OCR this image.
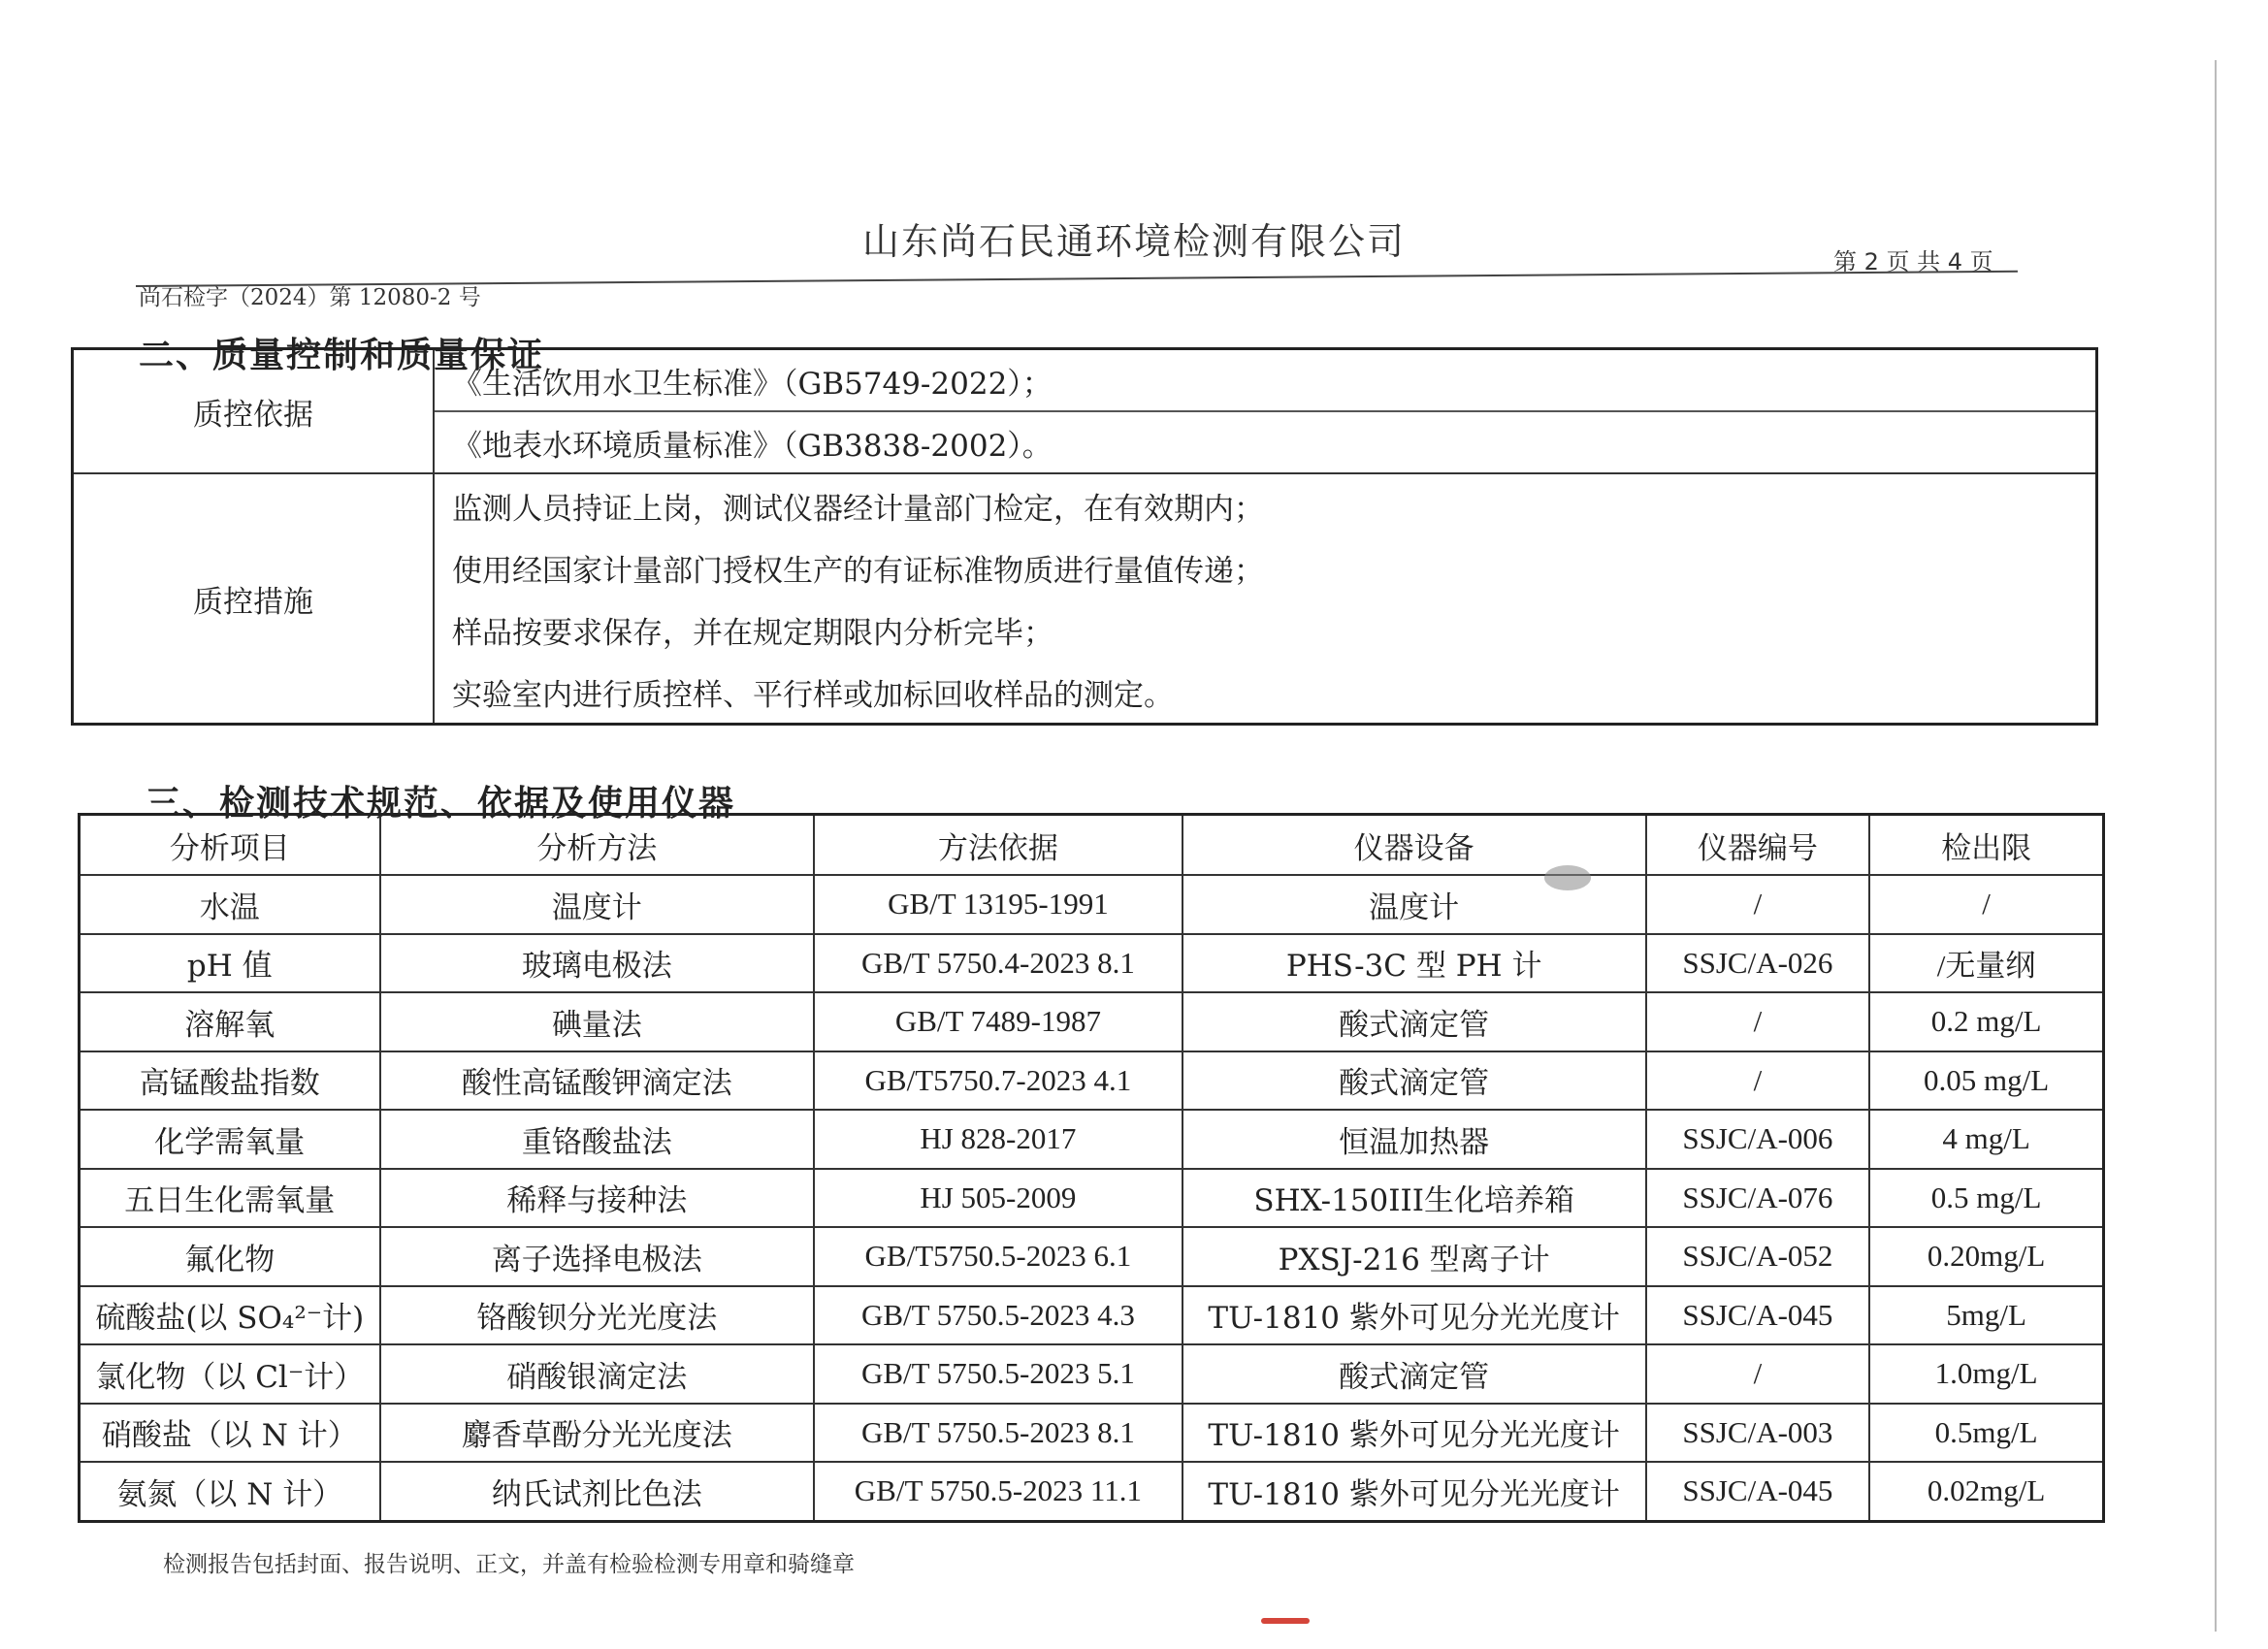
山东尚石民通环境检测有限公司	第 2 页 共 4 页
尚石检字（2024）第 12080-2 号
二、质量控制和质量保证
质控依据	《生活饮用水卫生标准》（GB5749-2022）；
《地表水环境质量标准》（GB3838-2002）。

质控措施	监测人员持证上岗，测试仪器经计量部门检定，在有效期内；
使用经国家计量部门授权生产的有证标准物质进行量值传递；
样品按要求保存，并在规定期限内分析完毕；
实验室内进行质控样、平行样或加标回收样品的测定。
三、检测技术规范、依据及使用仪器
分析项目	分析方法	方法依据	仪器设备	仪器编号	检出限
水温	温度计	GB/T 13195-1991	温度计	/	/
pH 值	玻璃电极法	GB/T 5750.4-2023 8.1	PHS-3C 型 PH 计	SSJC/A-026	/无量纲
溶解氧	碘量法	GB/T 7489-1987	酸式滴定管	/	0.2 mg/L
高锰酸盐指数	酸性高锰酸钾滴定法	GB/T5750.7-2023 4.1	酸式滴定管	/	0.05 mg/L
化学需氧量	重铬酸盐法	HJ 828-2017	恒温加热器	SSJC/A-006	4 mg/L
五日生化需氧量	稀释与接种法	HJ 505-2009	SHX-150III生化培养箱	SSJC/A-076	0.5 mg/L
氟化物	离子选择电极法	GB/T5750.5-2023 6.1	PXSJ-216 型离子计	SSJC/A-052	0.20mg/L
硫酸盐(以 SO₄²⁻计)	铬酸钡分光光度法	GB/T 5750.5-2023 4.3	TU-1810 紫外可见分光光度计	SSJC/A-045	5mg/L
氯化物（以 Cl⁻计）	硝酸银滴定法	GB/T 5750.5-2023 5.1	酸式滴定管	/	1.0mg/L
硝酸盐（以 N 计）	麝香草酚分光光度法	GB/T 5750.5-2023 8.1	TU-1810 紫外可见分光光度计	SSJC/A-003	0.5mg/L
氨氮（以 N 计）	纳氏试剂比色法	GB/T 5750.5-2023 11.1	TU-1810 紫外可见分光光度计	SSJC/A-045	0.02mg/L
检测报告包括封面、报告说明、正文，并盖有检验检测专用章和骑缝章
